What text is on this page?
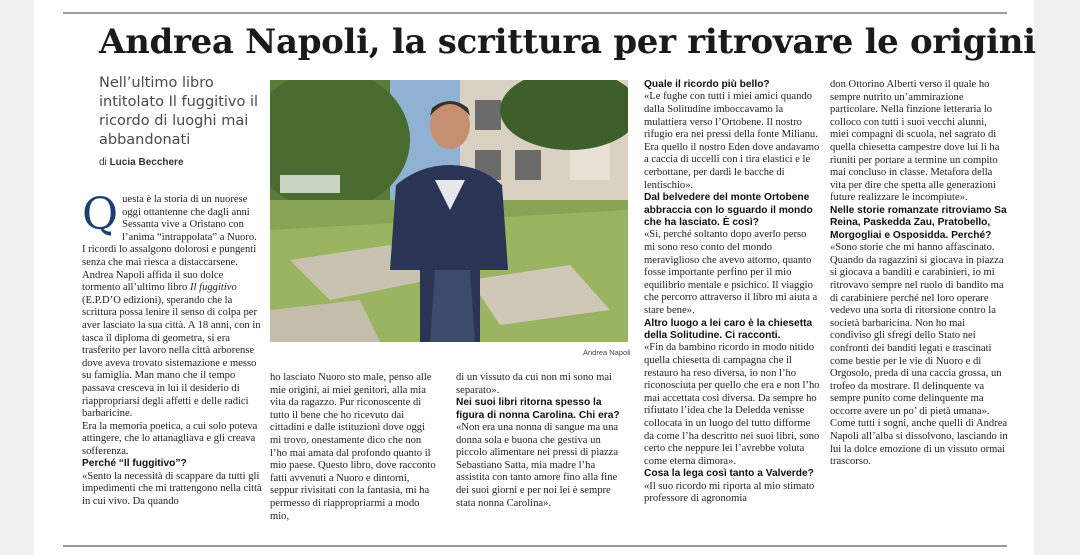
Andrea Napoli, la scrittura per ritrovare le origini
Nell’ultimo libro intitolato Il fuggitivo il ricordo di luoghi mai abbandonati
di Lucia Becchere
Andrea Napoli
Q uesta è la storia di un nuorese oggi ottantenne che dagli anni Sessanta vive a Oristano con l’anima “intrappolata” a Nuoro.
I ricordi lo assalgono dolorosi e pungenti senza che mai riesca a distaccarsene. Andrea Napoli affida il suo dolce tormento all’ultimo libro Il fuggitivo (E.P.D’O edizioni), sperando che la scrittura possa lenire il senso di colpa per aver lasciato la sua città. A 18 anni, con in tasca il diploma di geometra, si era trasferito per lavoro nella città arborense dove aveva trovato sistemazione e messo su famiglia. Man mano che il tempo passava cresceva in lui il desiderio di riappropriarsi degli affetti e delle radici barbaricine.
Era la memoria poetica, a cui solo poteva attingere, che lo attanagliava e gli creava sofferenza.

Perché “Il fuggitivo”?

«Sento la necessità di scappare da tutti gli impedimenti che mi trattengono nella città in cui vivo. Da quando

ho lasciato Nuoro sto male, penso alle mie origini, ai miei genitori, alla mia vita da ragazzo. Pur riconoscente di tutto il bene che ho ricevuto dai cittadini e dalle istituzioni dove oggi mi trovo, onestamente dico che non l’ho mai amata dal profondo quanto il mio paese. Questo libro, dove racconto fatti avvenuti a Nuoro e dintorni, seppur rivisitati con la fantasia, mi ha permesso di riappropriarmi a modo mio,

di un vissuto da cui non mi sono mai separato».

Nei suoi libri ritorna spesso la figura di nonna Carolina. Chi era?

«Non era una nonna di sangue ma una donna sola e buona che gestiva un piccolo alimentare nei pressi di piazza Sebastiano Satta, mia madre l’ha assistita con tanto amore fino alla fine dei suoi giorni e per noi lei è sempre stata nonna Carolina».

Quale il ricordo più bello?

«Le fughe con tutti i miei amici quando dalla Solitudine imboccavamo la mulattiera verso l’Ortobene. Il nostro rifugio era nei pressi della fonte Milianu. Era quello il nostro Eden dove andavamo a caccia di uccelli con i tira elastici e le cerbottane, per dardi le bacche di lentischio».

Dal belvedere del monte Ortobene abbraccia con lo sguardo il mondo che ha lasciato. È così?

«Sì, perché soltanto dopo averlo perso mi sono reso conto del mondo meraviglioso che avevo attorno, quanto fosse importante perfino per il mio equilibrio mentale e psichico. Il viaggio che percorro attraverso il libro mi aiuta a stare bene».

Altro luogo a lei caro è la chiesetta della Solitudine. Ci racconti.

«Fin da bambino ricordo in modo nitido quella chiesetta di campagna che il restauro ha reso diversa, io non l’ho riconosciuta per quello che era e non l’ho mai accettata così diversa. Da sempre ho rifiutato l’idea che la Deledda venisse collocata in un luogo del tutto difforme da come l’ha descritto nei suoi libri, sono certo che neppure lei l’avrebbe voluta come eterna dimora».

Cosa la lega così tanto a Valverde?

«Il suo ricordo mi riporta al mio stimato professore di agronomia

don Ottorino Alberti verso il quale ho sempre nutrito un’ammirazione particolare. Nella finzione letteraria lo colloco con tutti i suoi vecchi alunni, miei compagni di scuola, nel sagrato di quella chiesetta campestre dove lui li ha riuniti per portare a termine un compito mai concluso in classe. Metafora della vita per dire che spetta alle generazioni future realizzare le incompiute».

Nelle storie romanzate ritroviamo Sa Reina, Paskedda Zau, Pratobello, Morgogliai e Osposidda. Perché?

«Sono storie che mi hanno affascinato. Quando da ragazzini si giocava in piazza si giocava a banditi e carabinieri, io mi ritrovavo sempre nel ruolo di bandito ma di carabiniere perché nel loro operare vedevo una sorta di ritorsione contro la società barbaricina. Non ho mai condiviso gli sfregi dello Stato nei confronti dei banditi legati e trascinati come bestie per le vie di Nuoro e di Orgosolo, preda di una caccia grossa, un trofeo da mostrare. Il delinquente va sempre punito come delinquente ma occorre avere un po’ di pietà umana».

Come tutti i sogni, anche quelli di Andrea Napoli all’alba si dissolvono, lasciando in lui la dolce emozione di un vissuto ormai trascorso.
